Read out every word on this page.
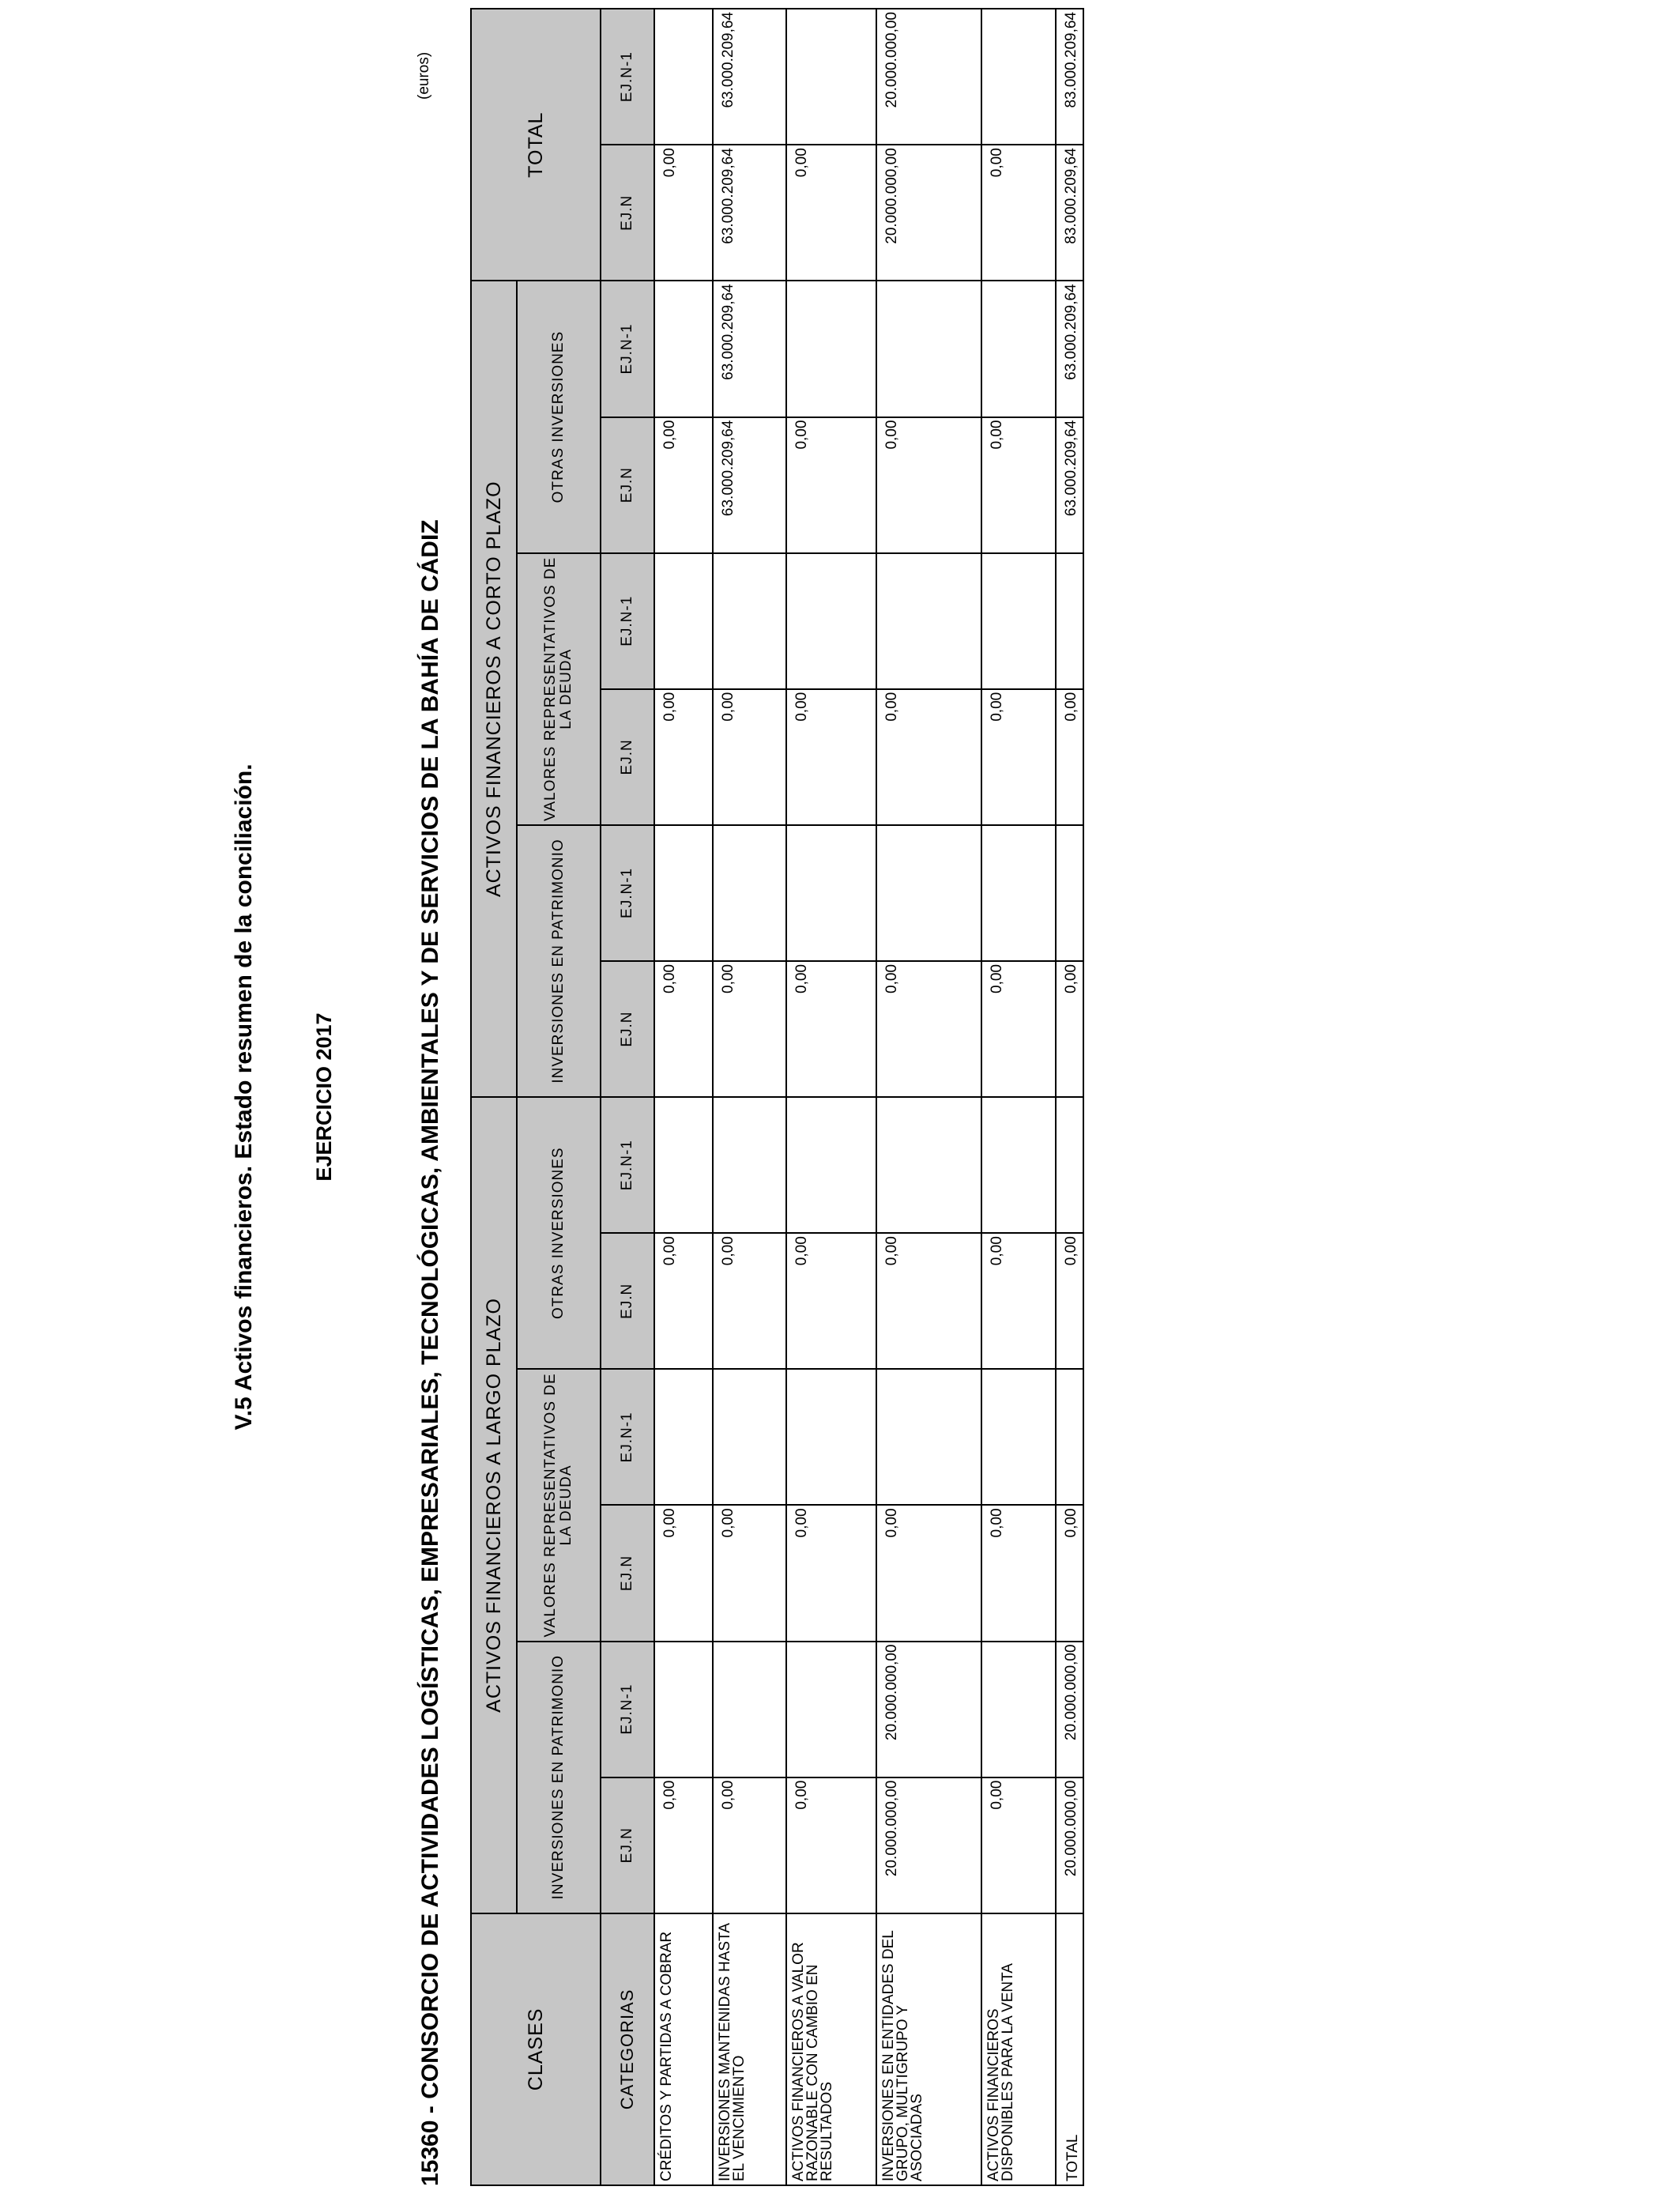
V.5 Activos financieros. Estado resumen de la conciliación.	EJERCICIO 2017	15360 - CONSORCIO DE ACTIVIDADES LOGÍSTICAS, EMPRESARIALES, TECNOLÓGICAS, AMBIENTALES Y DE SERVICIOS DE LA BAHÍA DE CÁDIZ
(euros)
CLASES	ACTIVOS FINANCIEROS A LARGO PLAZO						ACTIVOS FINANCIEROS A CORTO PLAZO						TOTAL	
	INVERSIONES EN PATRIMONIO		VALORES REPRESENTATIVOS DE LA DEUDA		OTRAS INVERSIONES		INVERSIONES EN PATRIMONIO		VALORES REPRESENTATIVOS DE LA DEUDA		OTRAS INVERSIONES			
CATEGORIAS	EJ.N	EJ.N-1	EJ.N	EJ.N-1	EJ.N	EJ.N-1	EJ.N	EJ.N-1	EJ.N	EJ.N-1	EJ.N	EJ.N-1	EJ.N	EJ.N-1
CRÉDITOS Y PARTIDAS A COBRAR	0,00		0,00		0,00		0,00		0,00		0,00		0,00	
INVERSIONES MANTENIDAS HASTA EL VENCIMIENTO	0,00		0,00		0,00		0,00		0,00		63.000.209,64	63.000.209,64	63.000.209,64	63.000.209,64
ACTIVOS FINANCIEROS A VALOR RAZONABLE CON CAMBIO EN RESULTADOS	0,00		0,00		0,00		0,00		0,00		0,00		0,00	
INVERSIONES EN ENTIDADES DEL GRUPO, MULTIGRUPO Y ASOCIADAS	20.000.000,00	20.000.000,00	0,00		0,00		0,00		0,00		0,00		20.000.000,00	20.000.000,00
ACTIVOS FINANCIEROS DISPONIBLES PARA LA VENTA	0,00		0,00		0,00		0,00		0,00		0,00		0,00	
TOTAL	20.000.000,00	20.000.000,00	0,00		0,00		0,00		0,00		63.000.209,64	63.000.209,64	83.000.209,64	83.000.209,64
